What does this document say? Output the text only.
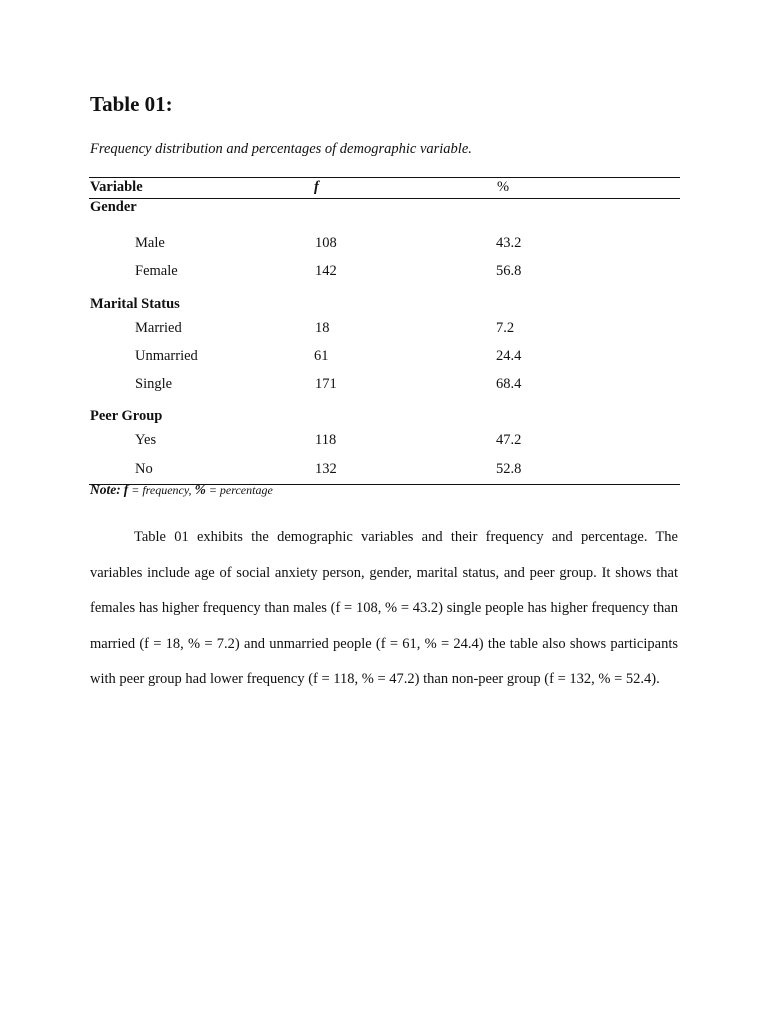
Table 01:

Frequency distribution and percentages of demographic variable.

Variable	f	%
Gender
Male	108	43.2
Female	142	56.8
Marital Status
Married	18	7.2
Unmarried	61	24.4
Single	171	68.4
Peer Group
Yes	118	47.2
No	132	52.8

Note: f = frequency, % = percentage

Table 01 exhibits the demographic variables and their frequency and percentage. The variables include age of social anxiety person, gender, marital status, and peer group. It shows that females has higher frequency than males (f = 108, % = 43.2) single people has higher frequency than married (f = 18, % = 7.2) and unmarried people (f = 61, % = 24.4) the table also shows participants with peer group had lower frequency (f = 118, % = 47.2) than non-peer group (f = 132, % = 52.4).
